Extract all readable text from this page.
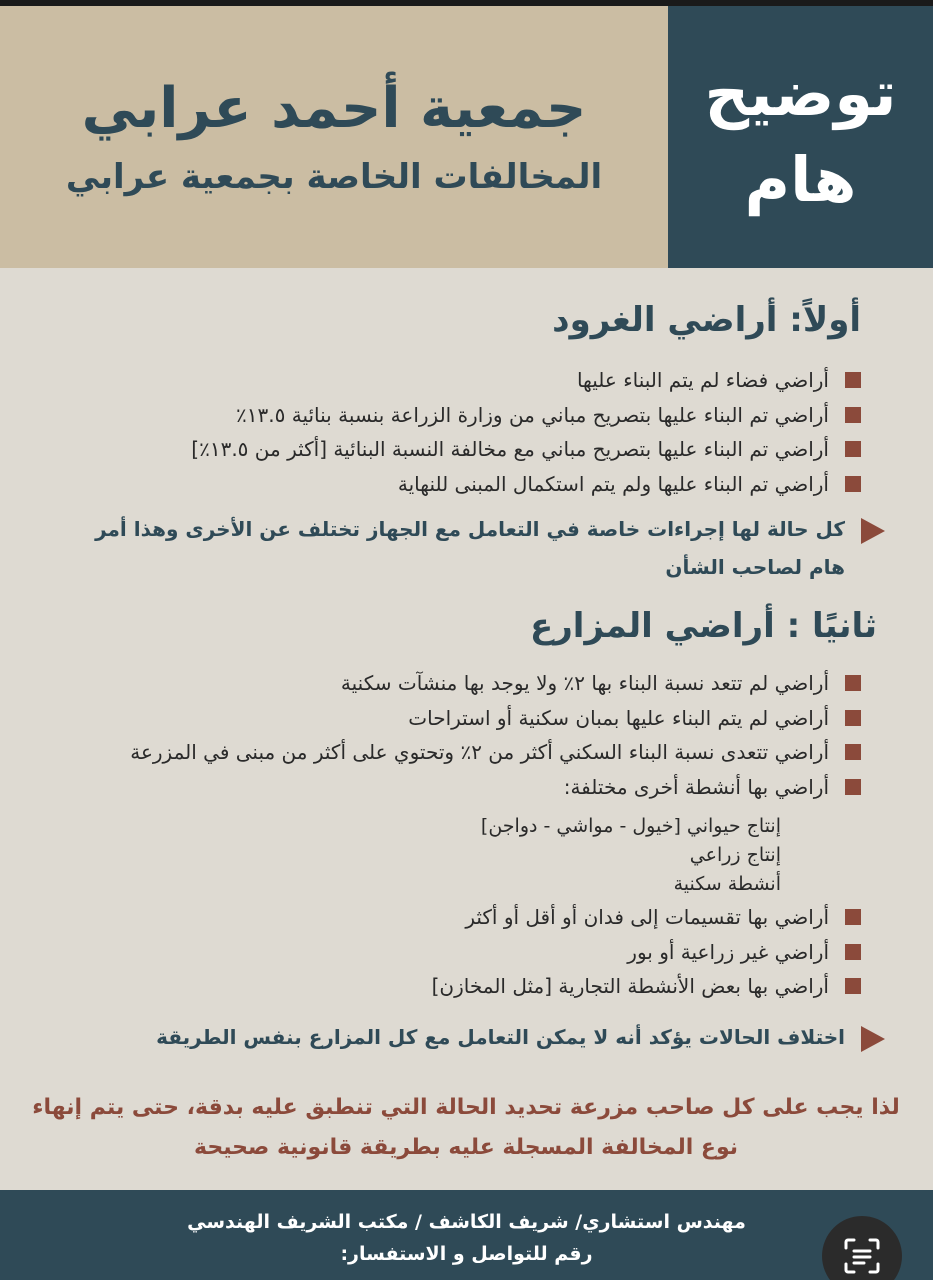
توضيح
هام
جمعية أحمد عرابي
المخالفات الخاصة بجمعية عرابي
أولاً: أراضي الغرود
أراضي فضاء لم يتم البناء عليها
أراضي تم البناء عليها بتصريح مباني من وزارة الزراعة بنسبة بنائية ١٣.٥٪
أراضي تم البناء عليها بتصريح مباني مع مخالفة النسبة البنائية [أكثر من ١٣.٥٪]
أراضي تم البناء عليها ولم يتم استكمال المبنى للنهاية
كل حالة لها إجراءات خاصة في التعامل مع الجهاز تختلف عن الأخرى وهذا أمر هام لصاحب الشأن
ثانيًا : أراضي المزارع
أراضي لم تتعد نسبة البناء بها ٢٪ ولا يوجد بها منشآت سكنية
أراضي لم يتم البناء عليها بمبان سكنية أو استراحات
أراضي تتعدى نسبة البناء السكني أكثر من ٢٪ وتحتوي على أكثر من مبنى في المزرعة
أراضي بها أنشطة أخرى مختلفة:
إنتاج حيواني [خيول - مواشي - دواجن]
إنتاج زراعي
أنشطة سكنية
أراضي بها تقسيمات إلى فدان أو أقل أو أكثر
أراضي غير زراعية أو بور
أراضي بها بعض الأنشطة التجارية [مثل المخازن]
اختلاف الحالات يؤكد أنه لا يمكن التعامل مع كل المزارع بنفس الطريقة
لذا يجب على كل صاحب مزرعة تحديد الحالة التي تنطبق عليه بدقة، حتى يتم إنهاء نوع المخالفة المسجلة عليه بطريقة قانونية صحيحة
مهندس استشاري/ شريف الكاشف / مكتب الشريف الهندسي
رقم للتواصل و الاستفسار:
